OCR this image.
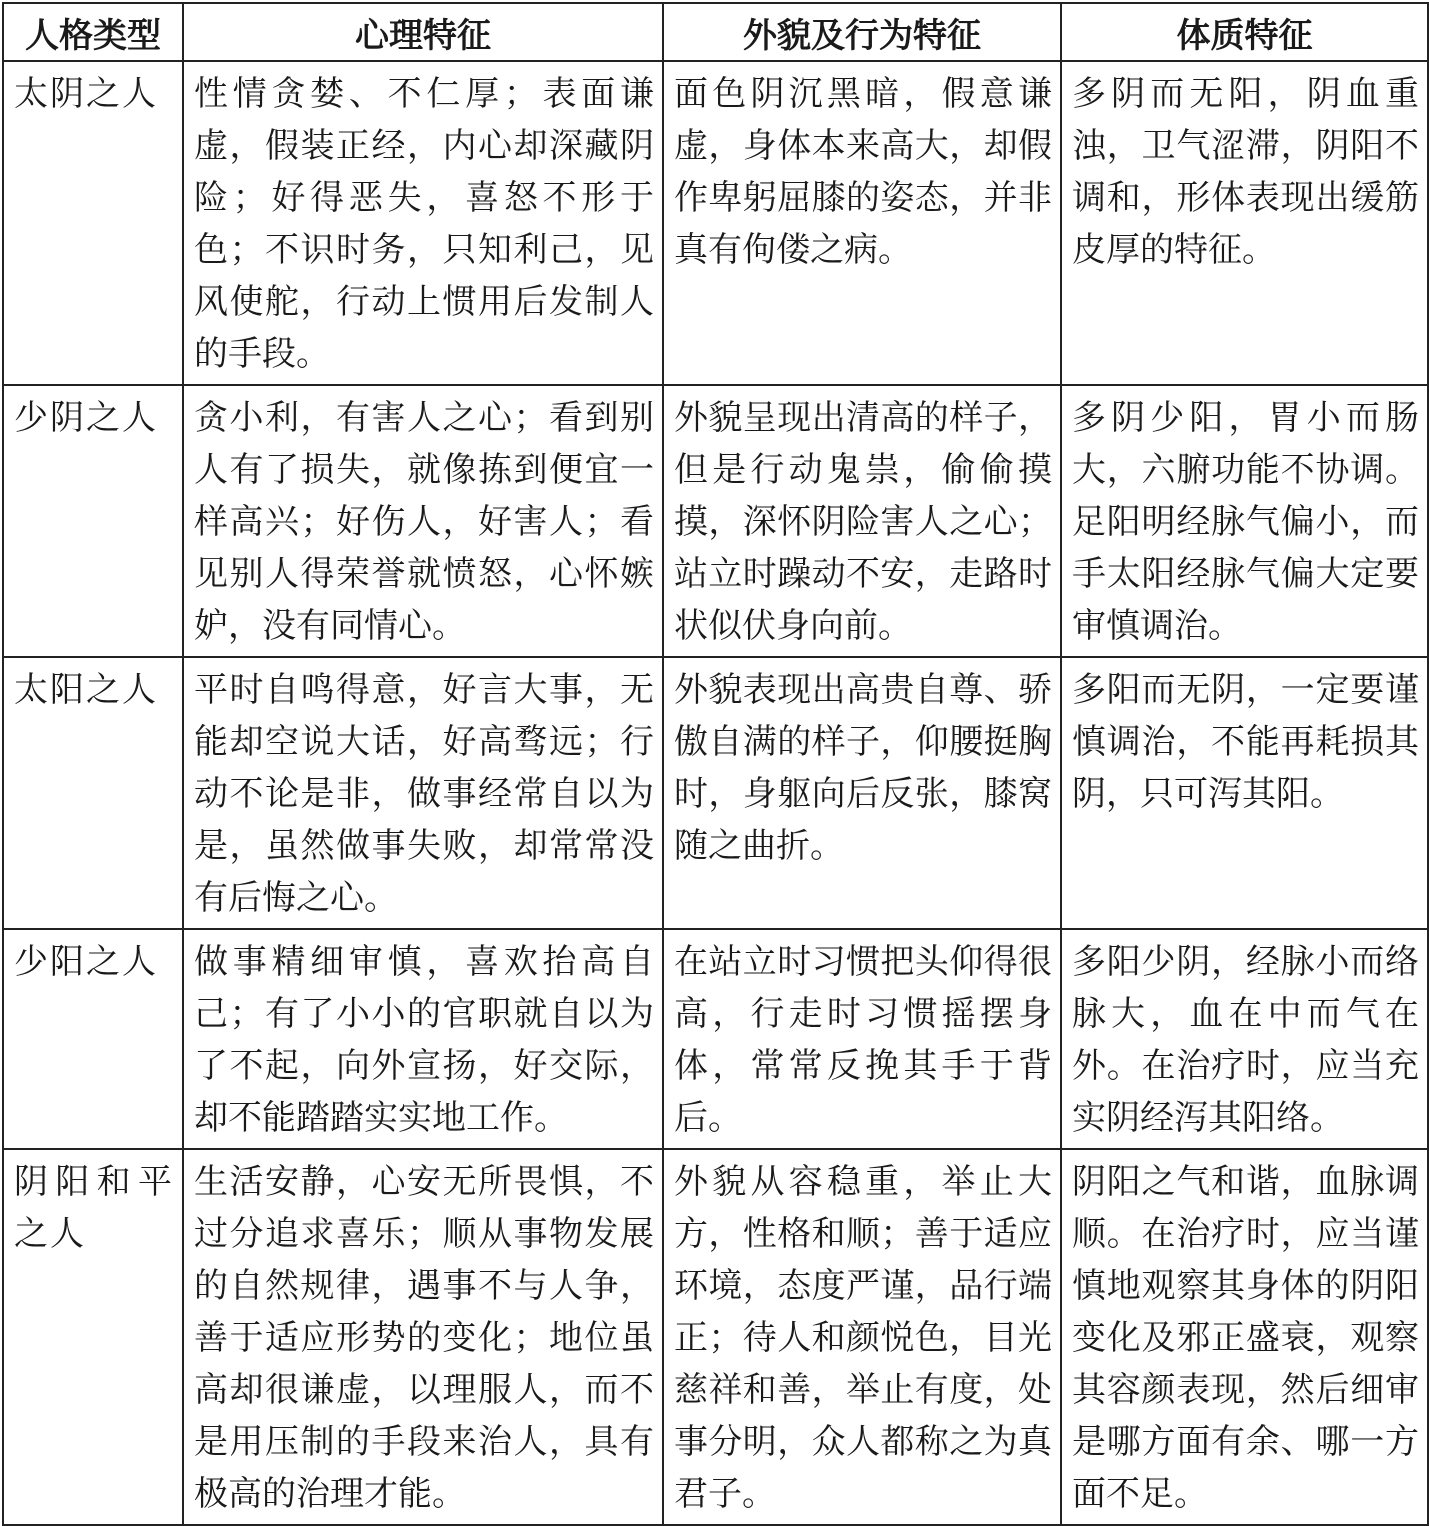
人格类型	心理特征	外貌及行为特征	体质特征
太阴之人	性情贪婪、不仁厚；表面谦虚，假装正经，内心却深藏阴险；好得恶失，喜怒不形于色；不识时务，只知利己，见风使舵，行动上惯用后发制人的手段。	面色阴沉黑暗，假意谦虚，身体本来高大，却假作卑躬屈膝的姿态，并非真有佝偻之病。	多阴而无阳，阴血重浊，卫气涩滞，阴阳不调和，形体表现出缓筋皮厚的特征。
少阴之人	贪小利，有害人之心；看到别人有了损失，就像拣到便宜一样高兴；好伤人，好害人；看见别人得荣誉就愤怒，心怀嫉妒，没有同情心。	外貌呈现出清高的样子，但是行动鬼祟，偷偷摸摸，深怀阴险害人之心；站立时躁动不安，走路时状似伏身向前。	多阴少阳，胃小而肠大，六腑功能不协调。足阳明经脉气偏小，而手太阳经脉气偏大定要审慎调治。
太阳之人	平时自鸣得意，好言大事，无能却空说大话，好高骛远；行动不论是非，做事经常自以为是，虽然做事失败，却常常没有后悔之心。	外貌表现出高贵自尊、骄傲自满的样子，仰腰挺胸时，身躯向后反张，膝窝随之曲折。	多阳而无阴，一定要谨慎调治，不能再耗损其阴，只可泻其阳。
少阳之人	做事精细审慎，喜欢抬高自己；有了小小的官职就自以为了不起，向外宣扬，好交际，却不能踏踏实实地工作。	在站立时习惯把头仰得很高，行走时习惯摇摆身体，常常反挽其手于背后。	多阳少阴，经脉小而络脉大，血在中而气在外。在治疗时，应当充实阴经泻其阳络。
阴阳和平之人	生活安静，心安无所畏惧，不过分追求喜乐；顺从事物发展的自然规律，遇事不与人争，善于适应形势的变化；地位虽高却很谦虚，以理服人，而不是用压制的手段来治人，具有极高的治理才能。	外貌从容稳重，举止大方，性格和顺；善于适应环境，态度严谨，品行端正；待人和颜悦色，目光慈祥和善，举止有度，处事分明，众人都称之为真君子。	阴阳之气和谐，血脉调顺。在治疗时，应当谨慎地观察其身体的阴阳变化及邪正盛衰，观察其容颜表现，然后细审是哪方面有余、哪一方面不足。
